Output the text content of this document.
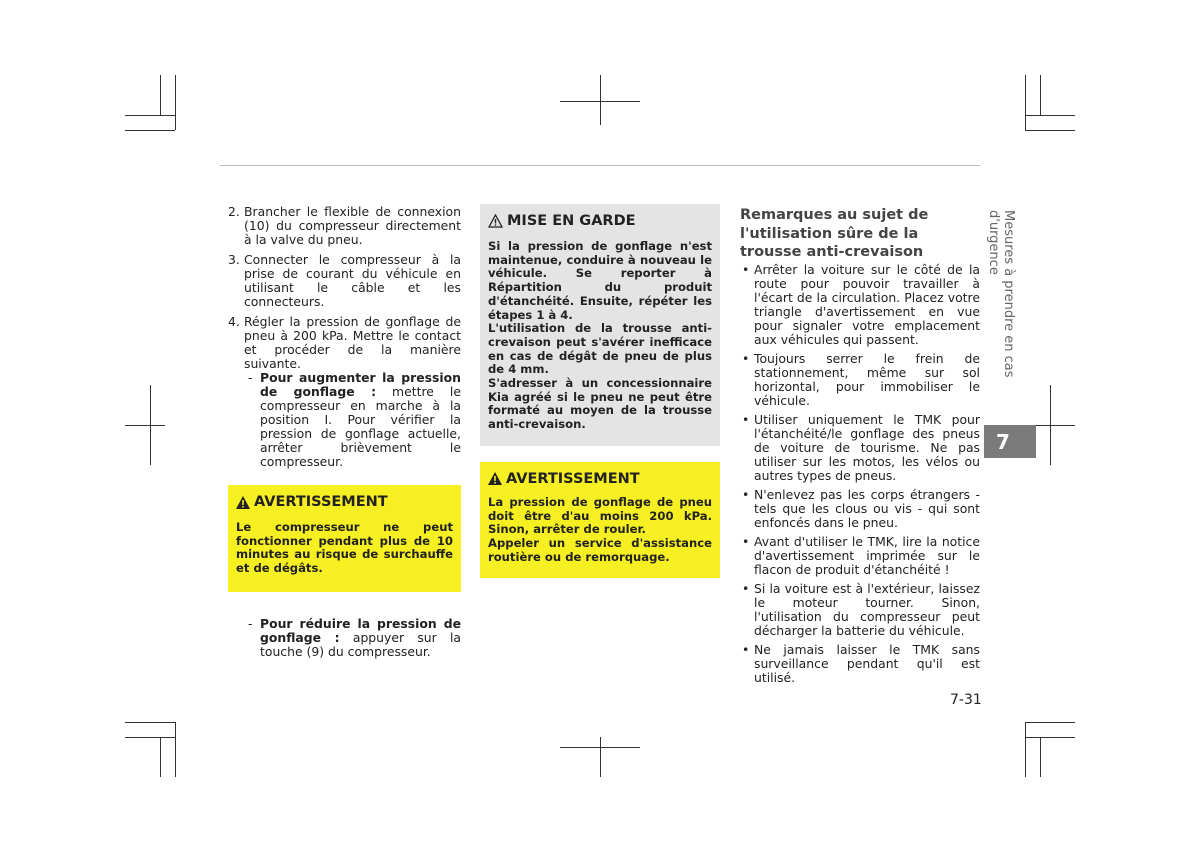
2. Brancher le flexible de connexion (10) du compresseur directement à la valve du pneu.
3. Connecter le compresseur à la prise de courant du véhicule en utilisant le câble et les connecteurs.
4. Régler la pression de gonflage de pneu à 200 kPa. Mettre le contact et procéder de la manière suivante.
- Pour augmenter la pression de gonflage : mettre le compresseur en marche à la position I. Pour vérifier la pression de gonflage actuelle, arrêter brièvement le compresseur.
AVERTISSEMENT
Le compresseur ne peut fonctionner pendant plus de 10 minutes au risque de surchauffe et de dégâts.
- Pour réduire la pression de gonflage : appuyer sur la touche (9) du compresseur.
MISE EN GARDE

Si la pression de gonflage n'est maintenue, conduire à nouveau le véhicule. Se reporter à Répartition du produit d'étanchéité. Ensuite, répéter les étapes 1 à 4.

L'utilisation de la trousse anti-crevaison peut s'avérer inefficace en cas de dégât de pneu de plus de 4 mm.

S'adresser à un concessionnaire Kia agréé si le pneu ne peut être formaté au moyen de la trousse anti-crevaison.

AVERTISSEMENT

La pression de gonflage de pneu doit être d'au moins 200 kPa. Sinon, arrêter de rouler.

Appeler un service d'assistance routière ou de remorquage.

Remarques au sujet de l'utilisation sûre de la trousse anti-crevaison
• Arrêter la voiture sur le côté de la route pour pouvoir travailler à l'écart de la circulation. Placez votre triangle d'avertissement en vue pour signaler votre emplacement aux véhicules qui passent.
• Toujours serrer le frein de stationnement, même sur sol horizontal, pour immobiliser le véhicule.
• Utiliser uniquement le TMK pour l'étanchéité/le gonflage des pneus de voiture de tourisme. Ne pas utiliser sur les motos, les vélos ou autres types de pneus.
• N'enlevez pas les corps étrangers - tels que les clous ou vis - qui sont enfoncés dans le pneu.
• Avant d'utiliser le TMK, lire la notice d'avertissement imprimée sur le flacon de produit d'étanchéité !
• Si la voiture est à l'extérieur, laissez le moteur tourner. Sinon, l'utilisation du compresseur peut décharger la batterie du véhicule.
• Ne jamais laisser le TMK sans surveillance pendant qu'il est utilisé.
Mesures à prendre en cas d'urgence
7
7-31
